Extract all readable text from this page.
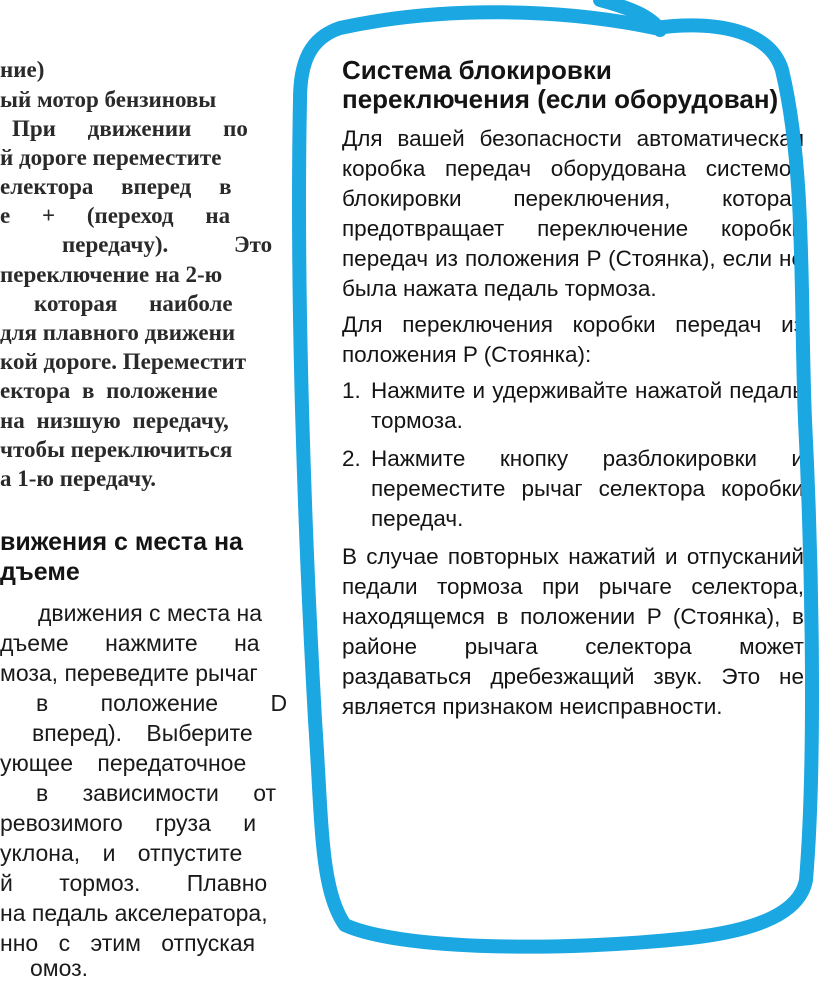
ние)
ый мотор бензиновы
При движении по
й дороге переместите
електора вперед в
е + (переход на
передачу). Это
переключение на 2-ю
которая наиболе
для плавного движени
кой дороге. Переместит
ектора в положение
на низшую передачу,
чтобы переключиться
а 1-ю передачу.
вижения с места на
дъеме
движения с места на
дъеме нажмите на
моза, переведите рычаг
в положение D
вперед). Выберите
ующее передаточное
в зависимости от
ревозимого груза и
уклона, и отпустите
й тормоз. Плавно
на педаль акселератора,
нно с этим отпуская
омоз.
Система блокировки переключения (если оборудован)

Для вашей безопасности автоматическая коробка передач оборудована системой блокировки переключения, которая предотвращает переключение коробки передач из положения P (Стоянка), если не была нажата педаль тормоза.

Для переключения коробки передач из положения P (Стоянка):

1. Нажмите и удерживайте нажатой педаль тормоза.
2. Нажмите кнопку разблокировки и переместите рычаг селектора коробки передач.

В случае повторных нажатий и отпусканий педали тормоза при рычаге селектора, находящемся в положении P (Стоянка), в районе рычага селектора может раздаваться дребезжащий звук. Это не является признаком неисправности.
